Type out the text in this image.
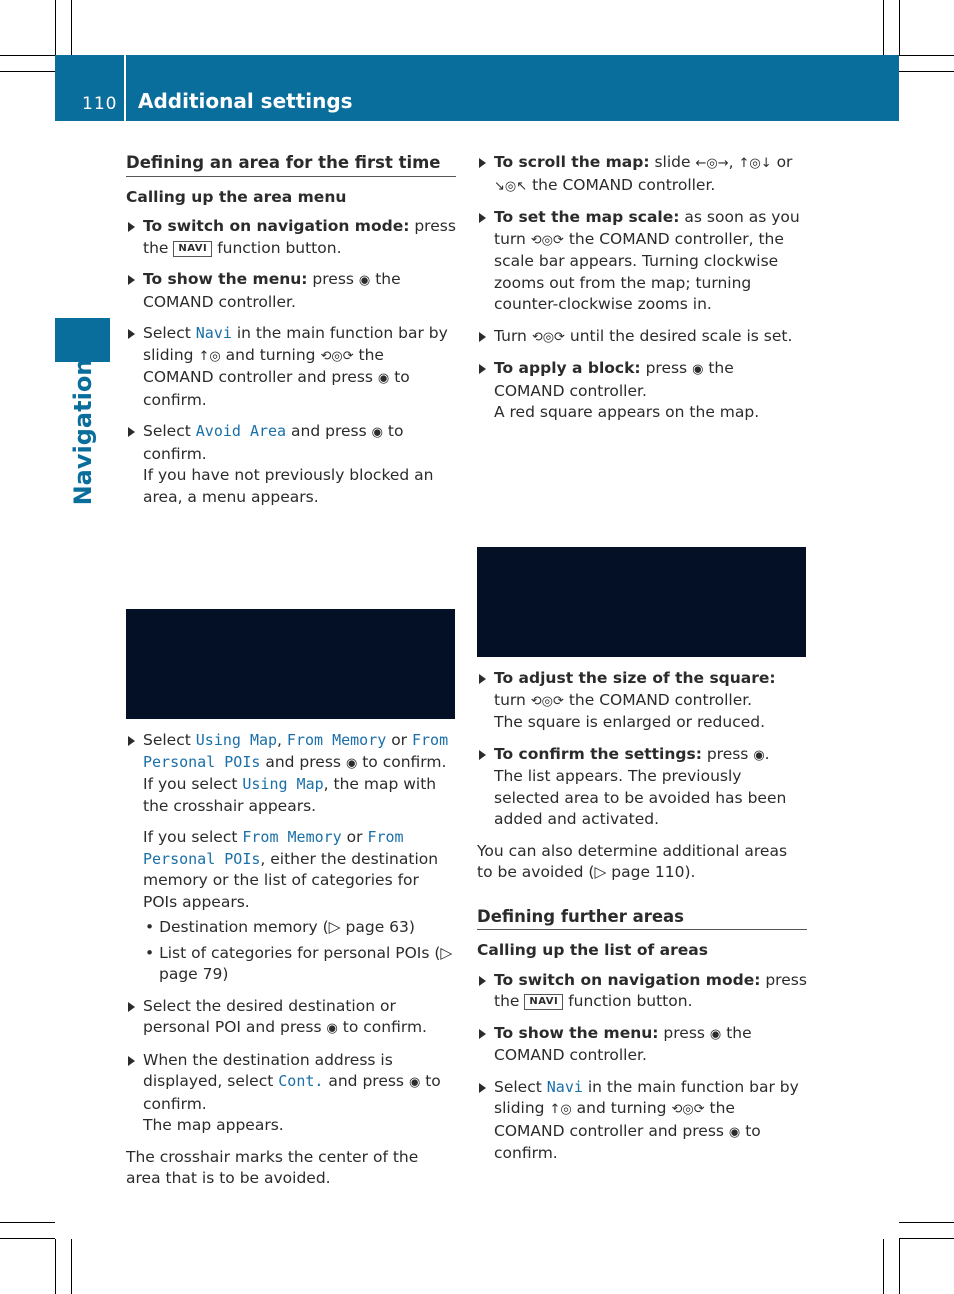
110 Additional settings
Navigation
Defining an area for the first time
Calling up the area menu
To switch on navigation mode: press the NAVI function button.
To show the menu: press ◉ the COMAND controller.
Select Navi in the main function bar by sliding ↑◎ and turning ⟲◎⟳ the COMAND controller and press ◉ to confirm.
Select Avoid Area and press ◉ to confirm.
If you have not previously blocked an area, a menu appears.
Select Using Map, From Memory or From Personal POIs and press ◉ to confirm.
If you select Using Map, the map with the crosshair appears.
If you select From Memory or From Personal POIs, either the destination memory or the list of categories for POIs appears.
• Destination memory (▷ page 63)
• List of categories for personal POIs (▷ page 79)
Select the desired destination or personal POI and press ◉ to confirm.
When the destination address is displayed, select Cont. and press ◉ to confirm.
The map appears.
The crosshair marks the center of the area that is to be avoided.
To scroll the map: slide ←◎→, ↑◎↓ or ↘◎↖ the COMAND controller.
To set the map scale: as soon as you turn ⟲◎⟳ the COMAND controller, the scale bar appears. Turning clockwise zooms out from the map; turning counter-clockwise zooms in.
Turn ⟲◎⟳ until the desired scale is set.
To apply a block: press ◉ the COMAND controller.
A red square appears on the map.
To adjust the size of the square: turn ⟲◎⟳ the COMAND controller.
The square is enlarged or reduced.
To confirm the settings: press ◉.
The list appears. The previously selected area to be avoided has been added and activated.
You can also determine additional areas to be avoided (▷ page 110).
Defining further areas
Calling up the list of areas
To switch on navigation mode: press the NAVI function button.
To show the menu: press ◉ the COMAND controller.
Select Navi in the main function bar by sliding ↑◎ and turning ⟲◎⟳ the COMAND controller and press ◉ to confirm.
